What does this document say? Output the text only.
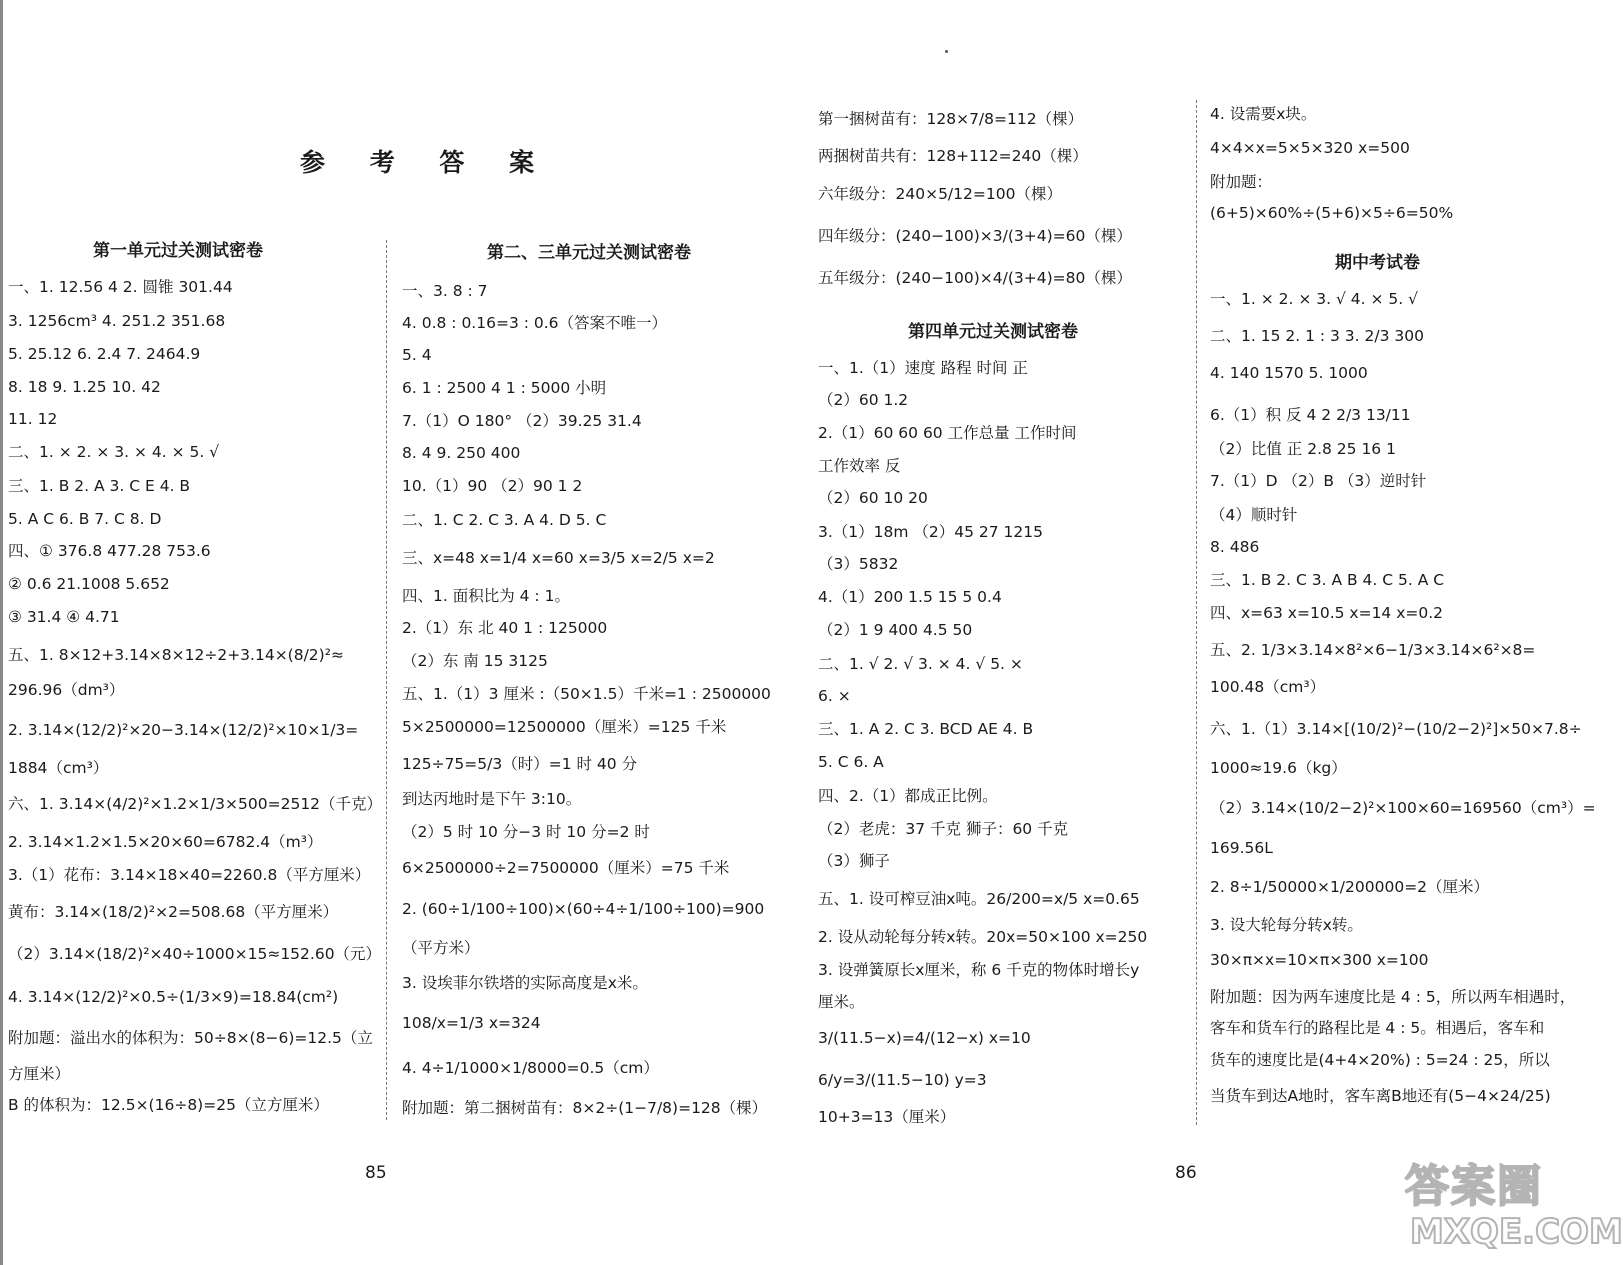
参 考 答 案
第一单元过关测试密卷
一、1. 12.56 4 2. 圆锥 301.44
3. 1256cm³ 4. 251.2 351.68
5. 25.12 6. 2.4 7. 2464.9
8. 18 9. 1.25 10. 42
11. 12
二、1. × 2. × 3. × 4. × 5. √
三、1. B 2. A 3. C E 4. B
5. A C 6. B 7. C 8. D
四、① 376.8 477.28 753.6
② 0.6 21.1008 5.652
③ 31.4 ④ 4.71
五、1. 8×12+3.14×8×12÷2+3.14×(8/2)²≈
296.96（dm³）
2. 3.14×(12/2)²×20−3.14×(12/2)²×10×1/3=
1884（cm³）
六、1. 3.14×(4/2)²×1.2×1/3×500=2512（千克）
2. 3.14×1.2×1.5×20×60=6782.4（m³）
3.（1）花布：3.14×18×40=2260.8（平方厘米）
黄布：3.14×(18/2)²×2=508.68（平方厘米）
（2）3.14×(18/2)²×40÷1000×15≈152.60（元）
4. 3.14×(12/2)²×0.5÷(1/3×9)=18.84(cm²)
附加题：溢出水的体积为：50÷8×(8−6)=12.5（立
方厘米）
B 的体积为：12.5×(16÷8)=25（立方厘米）
第二、三单元过关测试密卷
一、3. 8 : 7
4. 0.8 : 0.16=3 : 0.6（答案不唯一）
5. 4
6. 1 : 2500 4 1 : 5000 小明
7.（1）O 180° （2）39.25 31.4
8. 4 9. 250 400
10.（1）90 （2）90 1 2
二、1. C 2. C 3. A 4. D 5. C
三、x=48 x=1/4 x=60 x=3/5 x=2/5 x=2
四、1. 面积比为 4 : 1。
2.（1）东 北 40 1 : 125000
（2）东 南 15 3125
五、1.（1）3 厘米 :（50×1.5）千米=1 : 2500000
5×2500000=12500000（厘米）=125 千米
125÷75=5/3（时）=1 时 40 分
到达丙地时是下午 3:10。
（2）5 时 10 分−3 时 10 分=2 时
6×2500000÷2=7500000（厘米）=75 千米
2. (60÷1/100÷100)×(60÷4÷1/100÷100)=900
（平方米）
3. 设埃菲尔铁塔的实际高度是x米。
108/x=1/3 x=324
4. 4÷1/1000×1/8000=0.5（cm）
附加题：第二捆树苗有：8×2÷(1−7/8)=128（棵）
第一捆树苗有：128×7/8=112（棵）
两捆树苗共有：128+112=240（棵）
六年级分：240×5/12=100（棵）
四年级分：(240−100)×3/(3+4)=60（棵）
五年级分：(240−100)×4/(3+4)=80（棵）
第四单元过关测试密卷
一、1.（1）速度 路程 时间 正
（2）60 1.2
2.（1）60 60 60 工作总量 工作时间
工作效率 反
（2）60 10 20
3.（1）18m （2）45 27 1215
（3）5832
4.（1）200 1.5 15 5 0.4
（2）1 9 400 4.5 50
二、1. √ 2. √ 3. × 4. √ 5. ×
6. ×
三、1. A 2. C 3. BCD AE 4. B
5. C 6. A
四、2.（1）都成正比例。
（2）老虎：37 千克 狮子：60 千克
（3）狮子
五、1. 设可榨豆油x吨。26/200=x/5 x=0.65
2. 设从动轮每分转x转。20x=50×100 x=250
3. 设弹簧原长x厘米，称 6 千克的物体时增长y
厘米。
3/(11.5−x)=4/(12−x) x=10
6/y=3/(11.5−10) y=3
10+3=13（厘米）
4. 设需要x块。
4×4×x=5×5×320 x=500
附加题：
(6+5)×60%÷(5+6)×5÷6=50%
期中考试卷
一、1. × 2. × 3. √ 4. × 5. √
二、1. 15 2. 1 : 3 3. 2/3 300
4. 140 1570 5. 1000
6.（1）积 反 4 2 2/3 13/11
（2）比值 正 2.8 25 16 1
7.（1）D （2）B （3）逆时针
（4）顺时针
8. 486
三、1. B 2. C 3. A B 4. C 5. A C
四、x=63 x=10.5 x=14 x=0.2
五、2. 1/3×3.14×8²×6−1/3×3.14×6²×8=
100.48（cm³）
六、1.（1）3.14×[(10/2)²−(10/2−2)²]×50×7.8÷
1000≈19.6（kg）
（2）3.14×(10/2−2)²×100×60=169560（cm³）=
169.56L
2. 8÷1/50000×1/200000=2（厘米）
3. 设大轮每分转x转。
30×π×x=10×π×300 x=100
附加题：因为两车速度比是 4 : 5，所以两车相遇时，
客车和货车行的路程比是 4 : 5。相遇后，客车和
货车的速度比是(4+4×20%) : 5=24 : 25，所以
当货车到达A地时，客车离B地还有(5−4×24/25)
85	86	答案圈
MXQE.COM
